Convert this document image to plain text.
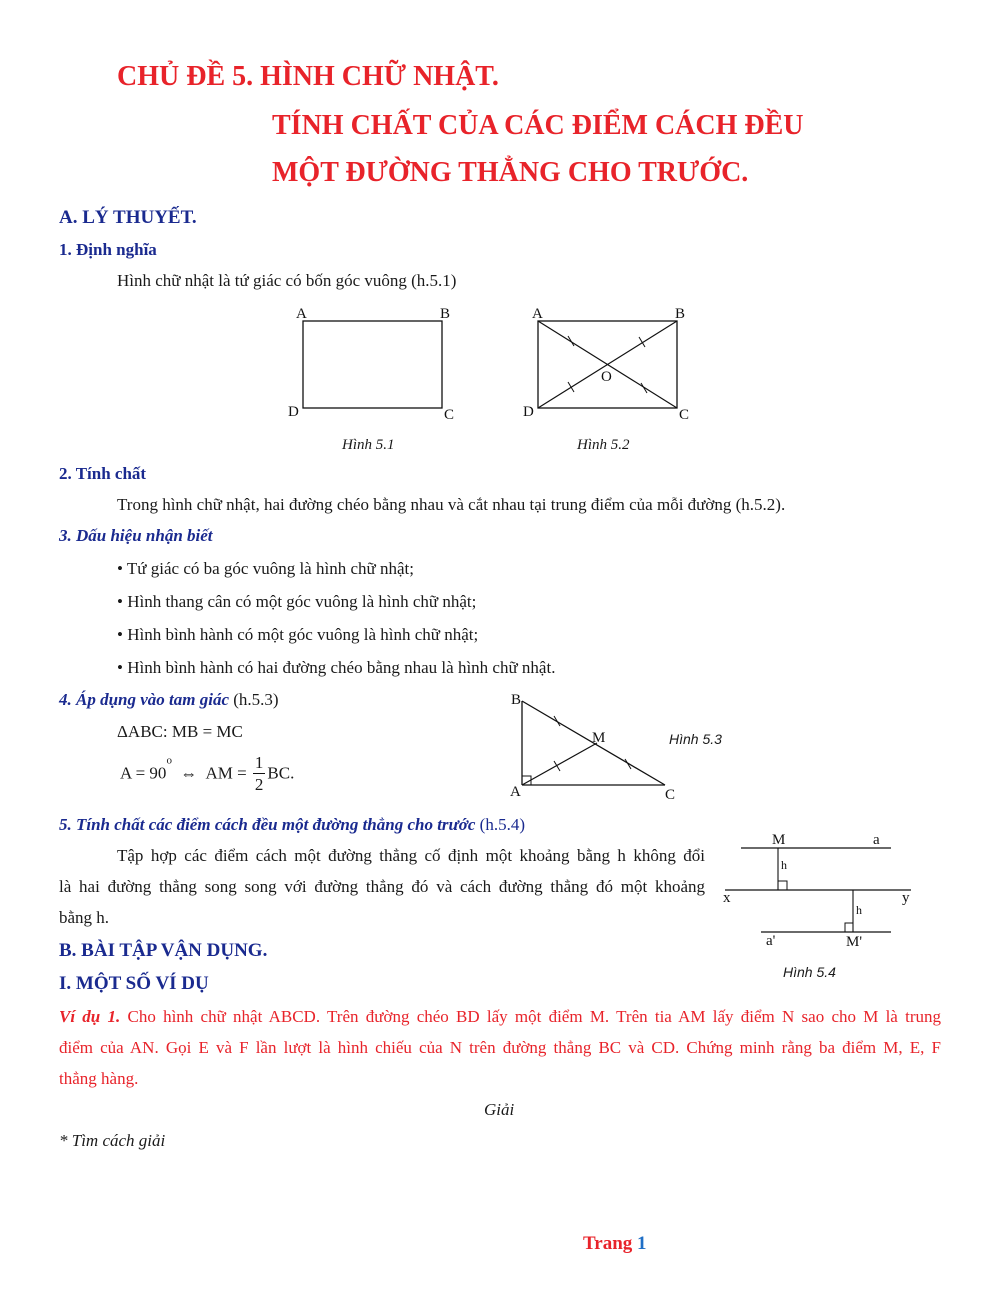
CHỦ ĐỀ 5. HÌNH CHỮ NHẬT.
TÍNH CHẤT CỦA CÁC ĐIỂM CÁCH ĐỀU
MỘT ĐƯỜNG THẲNG CHO TRƯỚC.
A. LÝ THUYẾT.
1. Định nghĩa
Hình chữ nhật là tứ giác có bốn góc vuông (h.5.1)
A	B
C
D
Hình 5.1
A	B
C
D
O
Hình 5.2
2. Tính chất
Trong hình chữ nhật, hai đường chéo bằng nhau và cắt nhau tại trung điểm của mỗi đường (h.5.2).
3. Dấu hiệu nhận biết
• Tứ giác có ba góc vuông là hình chữ nhật;
• Hình thang cân có một góc vuông là hình chữ nhật;
• Hình bình hành có một góc vuông là hình chữ nhật;
• Hình bình hành có hai đường chéo bằng nhau là hình chữ nhật.
4. Áp dụng vào tam giác (h.5.3)
ΔABC: MB = MC
$A = 90^o$ ⇔ AM = $\frac{1}{2}$ BC.
B
A	C
M	Hình 5.3
5. Tính chất các điểm cách đều một đường thẳng cho trước (h.5.4)
Tập hợp các điểm cách một đường thẳng cố định một khoảng bằng h không đổi
là hai đường thẳng song song với đường thẳng đó và cách đường thẳng đó một khoảng
bằng h.
M	a
h
x	y
h
a'	M'
Hình 5.4
B. BÀI TẬP VẬN DỤNG.
I. MỘT SỐ VÍ DỤ
Ví dụ 1. Cho hình chữ nhật ABCD. Trên đường chéo BD lấy một điểm M. Trên tia AM lấy điểm N sao cho M là trung
điểm của AN. Gọi E và F lần lượt là hình chiếu của N trên đường thẳng BC và CD. Chứng minh rằng ba điểm M, E, F
thẳng hàng.
Giải
* Tìm cách giải
Trang 1
